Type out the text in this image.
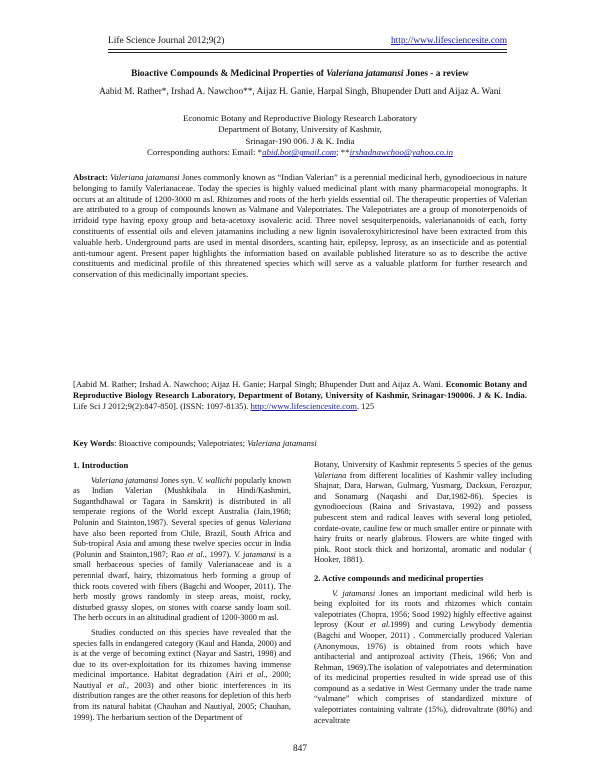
Life Science Journal 2012;9(2)	http://www.lifesciencesite.com
Bioactive Compounds & Medicinal Properties of Valeriana jatamansi Jones - a review
Aabid M. Rather*, Irshad A. Nawchoo**, Aijaz H. Ganie, Harpal Singh, Bhupender Dutt and Aijaz A. Wani
Economic Botany and Reproductive Biology Research Laboratory
Department of Botany, University of Kashmir,
Srinagar-190 006. J & K. India
Corresponding authors: Email: *abid.bot@gmail.com; **irshadnawchoo@yahoo.co.in

Abstract: Valeriana jatamansi Jones commonly known as “Indian Valerian” is a perennial medicinal herb, gynodioecious in nature belonging to family Valerianaceae. Today the species is highly valued medicinal plant with many pharmacopeial monographs. It occurs at an altitude of 1200-3000 m asl. Rhizomes and roots of the herb yields essential oil. The therapeutic properties of Valerian are attributed to a group of compounds known as Valmane and Valepotriates. The Valepotriates are a group of monoterpenoids of irridoid type having epoxy group and beta-acetoxy isovaleric acid. Three novel sesquiterpenoids, valeriananoids of each, forty constituents of essential oils and eleven jatamanins including a new lignin isovaleroxyhiricresinol have been extracted from this valuable herb. Underground parts are used in mental disorders, scanting hair, epilepsy, leprosy, as an insecticide and as potential anti-tumour agent. Present paper highlights the information based on available published literature so as to describe the active constituents and medicinal profile of this threatened species which will serve as a valuable platform for further research and conservation of this medicinally important species.

[Aabid M. Rather; Irshad A. Nawchoo; Aijaz H. Ganie; Harpal Singh; Bhupender Dutt and Aijaz A. Wani. Economic Botany and Reproductive Biology Research Laboratory, Department of Botany, University of Kashmir, Srinagar-190006. J & K. India. Life Sci J 2012;9(2):847-850]. (ISSN: 1097-8135). http://www.lifesciencesite.com. 125

Key Words: Bioactive compounds; Valepotriates; Valeriana jatamansi

1. Introduction

Valeriana jatamansi Jones syn. V. wallichi popularly known as Indian Valerian (Mushkibala in Hindi/Kashmiri, Suganthdhawal or Tagara in Sanskrit) is distributed in all temperate regions of the World except Australia (Jain,1968; Polunin and Stainton,1987). Several species of genus Valeriana have also been reported from Chile, Brazil, South Africa and Sub-tropical Asia and among these twelve species occur in India (Polunin and Stainton,1987; Rao et al., 1997). V. jatamansi is a small herbaceous species of family Valerianaceae and is a perennial dwarf, hairy, rhizomatous herb forming a group of thick roots covered with fibers (Bagchi and Wooper, 2011). The herb mostly grows randomly in steep areas, moist, rocky, disturbed grassy slopes, on stones with coarse sandy loam soil. The herb occurs in an altitudinal gradient of 1200-3000 m asl.

Studies conducted on this species have revealed that the species falls in endangered category (Kaul and Handa, 2000) and is at the verge of becoming extinct (Nayar and Sastri, 1998) and due to its over-exploitation for its rhizomes having immense medicinal importance. Habitat degradation (Airi et al., 2000; Nautiyal et al., 2003) and other biotic interferences in its distribution ranges are the other reasons for depletion of this herb from its natural habitat (Chauhan and Nautiyal, 2005; Chauhan, 1999). The herbarium section of the Department of

Botany, University of Kashmir represents 5 species of the genus Valeriana from different localities of Kashmir valley including Shajnar, Dara, Harwan, Gulmarg, Yusmarg, Dacksun, Ferozpur, and Sonamarg (Naqashi and Dar,1982-86). Species is gynodioecious (Raina and Srivastava, 1992) and possess pubescent stem and radical leaves with several long petioled, cordate-ovate, cauline few or much smaller entire or pinnate with hairy fruits or nearly glabrous. Flowers are white tinged with pink. Root stock thick and horizontal, aromatic and nodular ( Hooker, 1881).

2. Active compounds and medicinal properties

V. jatamansi Jones an important medicinal wild herb is being exploited for its roots and rhizomes which contain valepotriates (Chopra, 1956; Sood 1992) highly effective against leprosy (Kour et al.1999) and curing Lewybody dementia (Bagchi and Wooper, 2011) . Commercially produced Valerian (Anonymous, 1976) is obtained from roots which have antibacterial and antiprozoal activity (Theis, 1966; Von and Rehman, 1969).The isolation of valepotriates and determination of its medicinal properties resulted in wide spread use of this compound as a sedative in West Germany under the trade name “valmane” which comprises of standardized mixture of valepotriates containing valtrate (15%), didrovaltrate (80%) and acevaltrate

847
